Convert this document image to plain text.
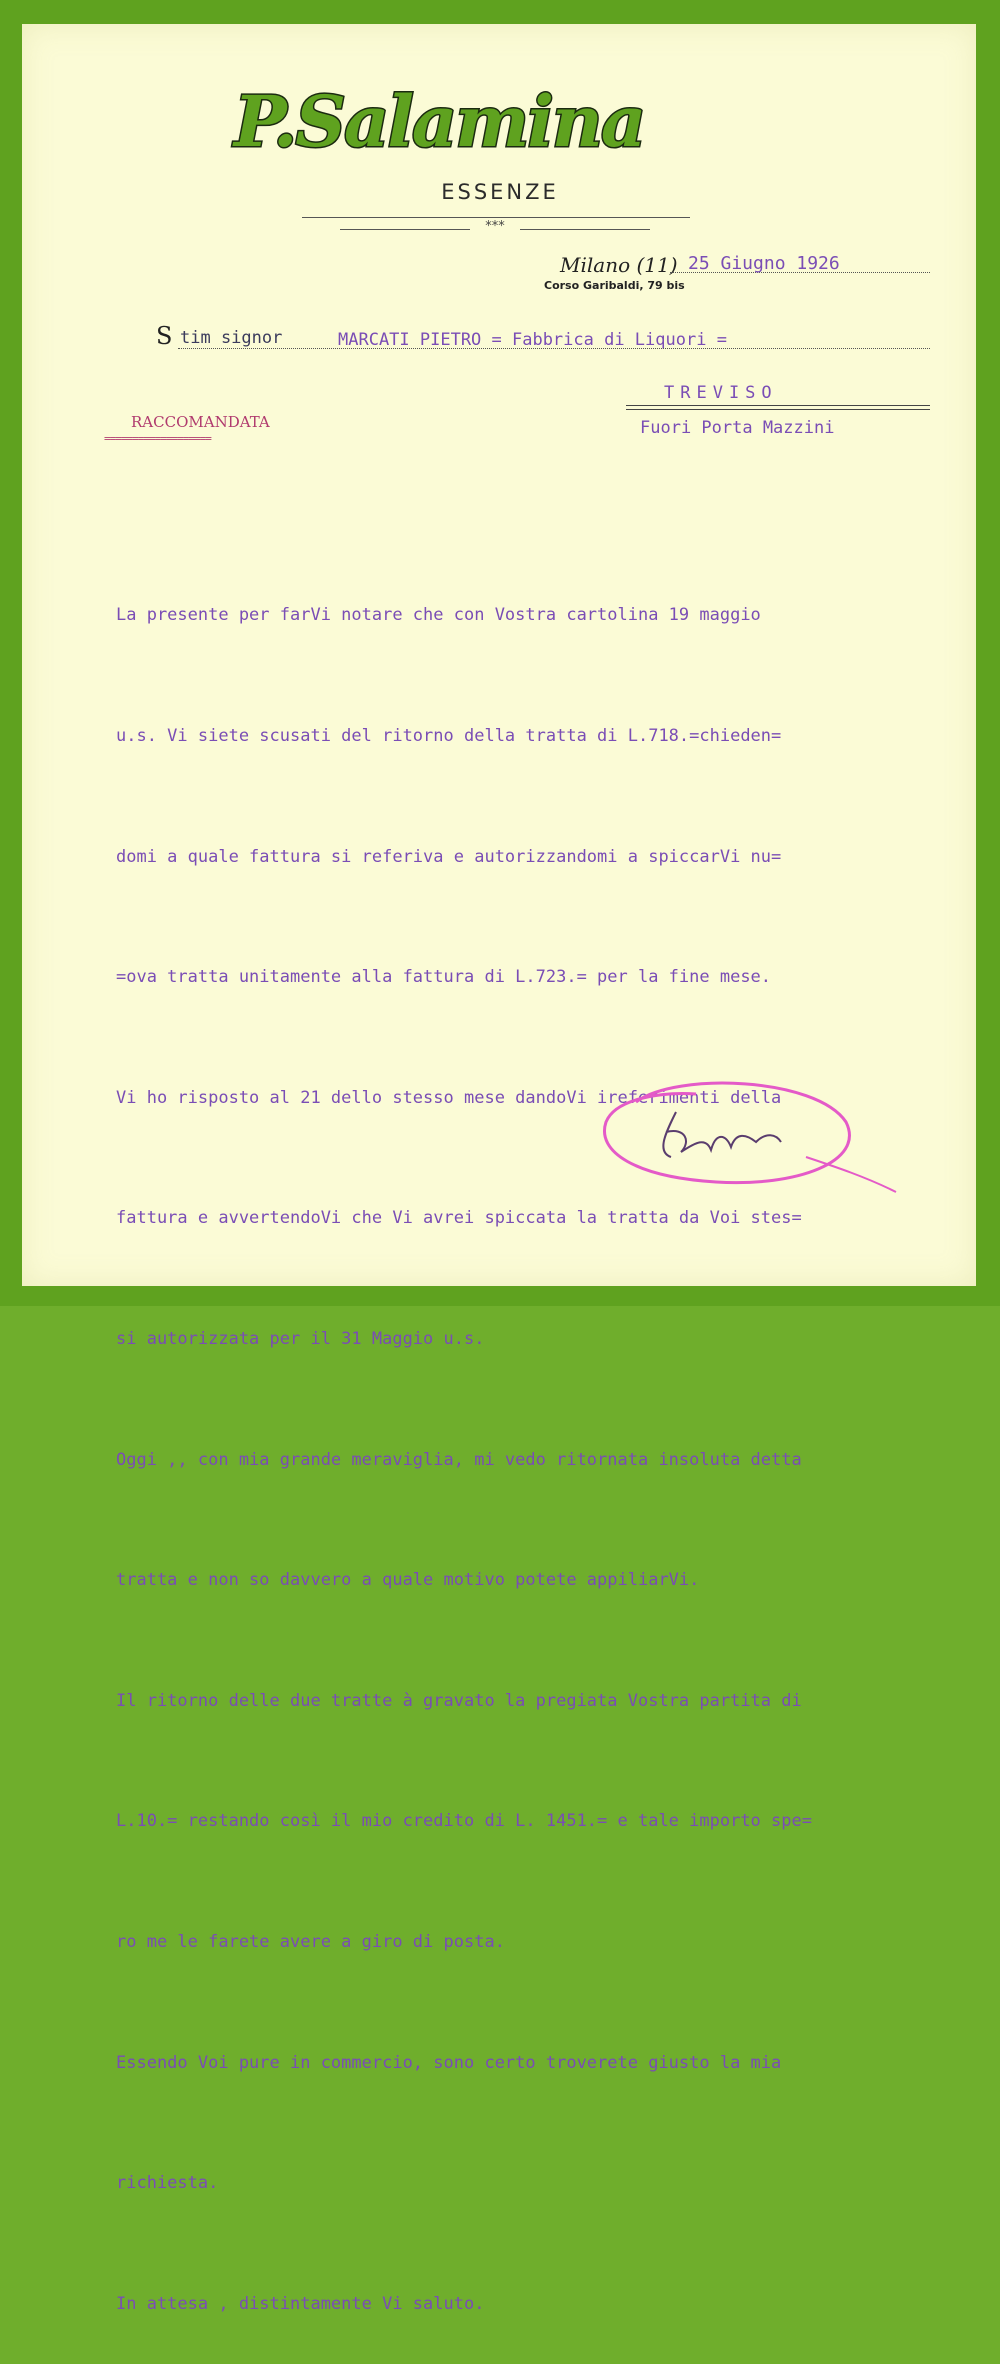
P.Salamina
ESSENZE
***
Milano (11) 25 Giugno 1926
Corso Garibaldi, 79 bis
S tim signor	MARCATI PIETRO = Fabbrica di Liquori =
TREVISO
Fuori Porta Mazzini
RACCOMANDATA
===================

La presente per farVi notare che con Vostra cartolina 19 maggio

u.s. Vi siete scusati del ritorno della tratta di L.718.=chieden=

domi a quale fattura si referiva e autorizzandomi a spiccarVi nu=

=ova tratta unitamente alla fattura di L.723.= per la fine mese.

Vi ho risposto al 21 dello stesso mese dandoVi ireferimenti della

fattura e avvertendoVi che Vi avrei spiccata la tratta da Voi stes=

si autorizzata per il 31 Maggio u.s.

Oggi ,, con mia grande meraviglia, mi vedo ritornata insoluta detta

tratta e non so davvero a quale motivo potete appiliarVi.

Il ritorno delle due tratte à gravato la pregiata Vostra partita di

L.10.= restando così il mio credito di L. 1451.= e tale importo spe=

ro me le farete avere a giro di posta.

Essendo Voi pure in commercio, sono certo troverete giusto la mia

richiesta.

In attesa , distintamente Vi saluto.
